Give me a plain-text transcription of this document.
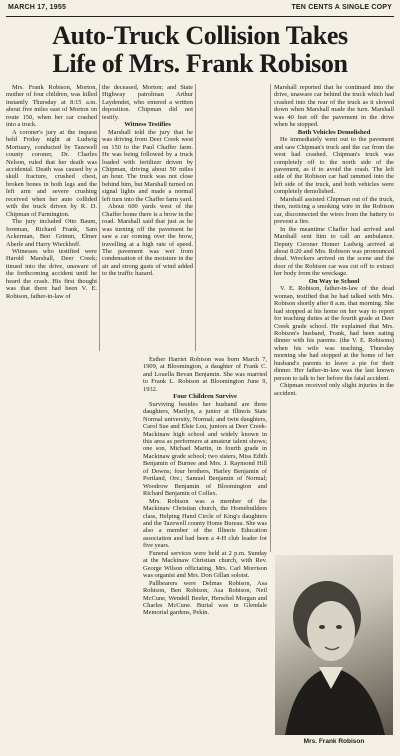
MARCH 17, 1955	TEN CENTS A SINGLE COPY
Auto-Truck Collision Takes
Life of Mrs. Frank Robison

Mrs. Frank Robison, Morton, mother of four children, was killed instantly Thursday at 8:15 a.m. about five miles east of Morton on route 150, when her car crashed into a truck.

A coroner's jury at the inquest held Friday night at Ludwig Mortuary, conducted by Tazewell county coroner, Dr. Charles Nelson, ruled that her death was accidental. Death was caused by a skull fracture, crushed chest, broken bones in both legs and the left arm and severe crushing received when her auto collided with the truck driven by R. D. Chipman of Farmington.

The jury included Otto Baum, foreman, Richard Frank, Sam Ackerman, Ben Grimm, Elmer Aberle and Harry Wieckhoff.

Witnesses who testified were Harold Marshall, Deer Creek; tinued into the drive, unaware of the forthcoming accident until he heard the crash. His first thought was that there had been V. E. Robison, father-in-law of

the deceased, Morton; and State Highway patrolman Arthur Laydendet, who entered a written deposition. Chipman did not testify.

Witness Testifies

Marshall told the jury that he was driving from Deer Creek west on 150 to the Paul Chaffer farm. He was being followed by a truck loaded with fertilizer driven by Chipman, driving about 50 miles an hour. The truck was not close behind him, but Marshall turned on signal lights and made a normal left turn into the Chaffer farm yard.

About 600 yards west of the Chaffer home there is a brow in the road. Marshall said that just as he was turning off the pavement he saw a car coming over the brow, travelling at a high rate of speed. The pavement was wet from condensation of the moisture in the air and strong gusts of wind added to the traffic hazard.

Esther Harriet Robison was born March 7, 1909, at Bloomington, a daughter of Frank C. and Louella Bevan Benjamin. She was married to Frank L. Robison at Bloomington June 9, 1932.

Four Children Survive

Surviving besides her husband are three daughters, Marilyn, a junior at Illinois State Normal university, Normal; and twin daughters, Carol Sue and Elsie Lou, juniors at Deer Creek-Mackinaw high school and widely known in this area as performers at amateur talent shows; one son, Michael Martin, in fourth grade in Mackinaw grade school; two sisters, Miss Edith Benjamin of Burnee and Mrs. J. Raymond Hill of Downs; four brothers, Harley Benjamin of Portland, Ore.; Samuel Benjamin of Normal; Woodrow Benjamin of Bloomington and Richard Benjamin of Colfax.

Mrs. Robison was a member of the Mackinaw Christian church, the Homebuilders class, Helping Hand Circle of King's daughters and the Tazewell county Home Bureau. She was also a member of the Illinois Education association and had been a 4-H club leader for five years.

Funeral services were held at 2 p.m. Sunday at the Mackinaw Christian church, with Rev. George Wilson officiating. Mrs. Carl Morrison was organist and Mrs. Don Gillan soloist.

Pallbearers were Delmas Robison, Asa Robison, Ben Robison, Asa Robison, Neil McCune, Wendell Beeler, Herschel Morgan and Charles McCune. Burial was in Glendale Memorial gardens, Pekin.

Marshall reported that he continued into the drive, unaware car behind the truck which had crashed into the rear of the truck as it slowed down when Marshall made the turn. Marshall was 40 feet off the pavement in the drive when he stopped.

Both Vehicles Demolished

He immediately went out to the pavement and saw Chipman's truck and the car from the west had crashed. Chipman's truck was completely off to the north side of the pavement, as if to avoid the crash. The left side of the Robison car had rammed into the left side of the truck, and both vehicles were completely demolished.

Marshall assisted Chipman out of the truck, then, noticing a smoking wire in the Robison car, disconnected the wires from the battery to prevent a fire.

In the meantime Chaffer had arrived and Marshall sent him to call an ambulance. Deputy Coroner Homer Ludwig arrived at about 8:20 and Mrs. Robison was pronounced dead. Wreckers arrived on the scene and the door of the Robison car was cut off to extract her body from the wreckage.

On Way to School

V. E. Robison, father-in-law of the dead woman, testified that he had talked with Mrs. Robison shortly after 8 a.m. that morning. She had stopped at his home on her way to report for teaching duties at the fourth grade at Deer Creek grade school. He explained that Mrs. Robison's husband, Frank, had been eating dinner with his parents. (the V. E. Robisons) when his wife was teaching, Thursday morning she had stopped at the home of her husband's parents to leave a pie for their dinner. Her father-in-law was the last known person to talk to her before the fatal accident.

Chipman received only slight injuries in the accident.

Mrs. Frank Robison
